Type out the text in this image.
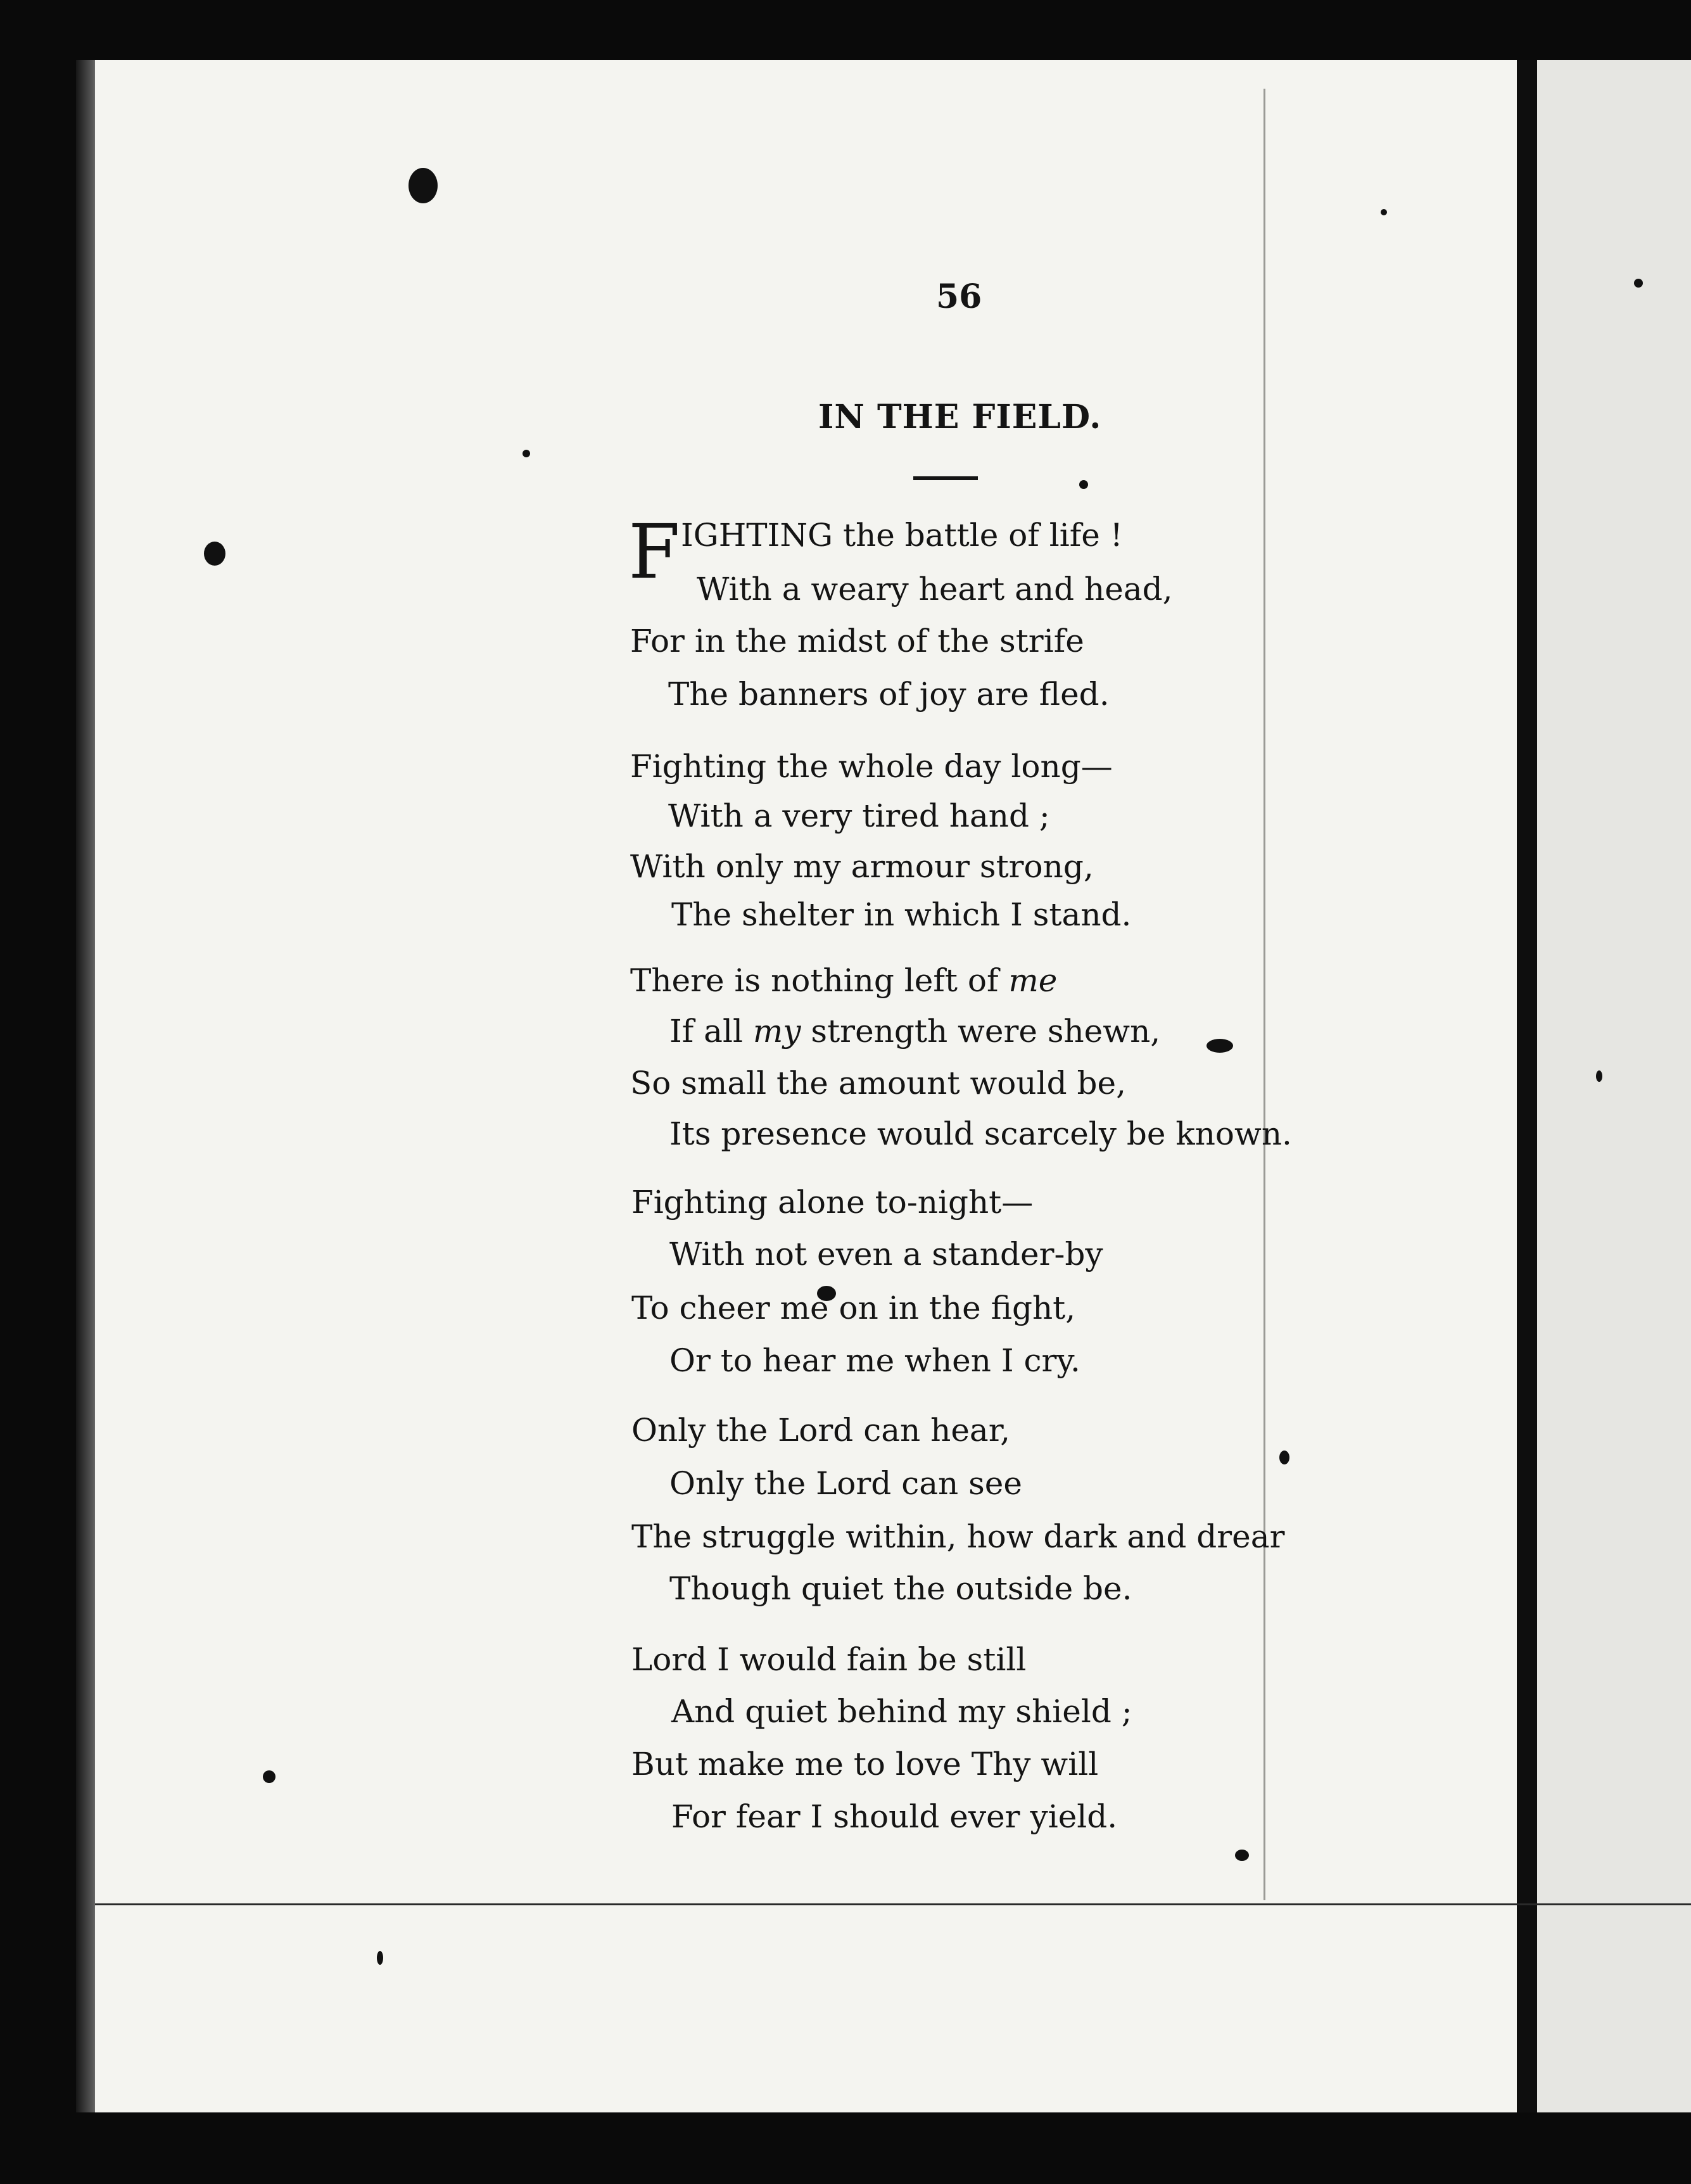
56
IN THE FIELD.
F IGHTING the battle of life !
With a weary heart and head,
For in the midst of the strife
The banners of joy are fled.
Fighting the whole day long—
With a very tired hand ;
With only my armour strong,
The shelter in which I stand.
There is nothing left of me
If all my strength were shewn,
So small the amount would be,
Its presence would scarcely be known.
Fighting alone to-night—
With not even a stander-by
To cheer me on in the fight,
Or to hear me when I cry.
Only the Lord can hear,
Only the Lord can see
The struggle within, how dark and drear
Though quiet the outside be.
Lord I would fain be still
And quiet behind my shield ;
But make me to love Thy will
For fear I should ever yield.
